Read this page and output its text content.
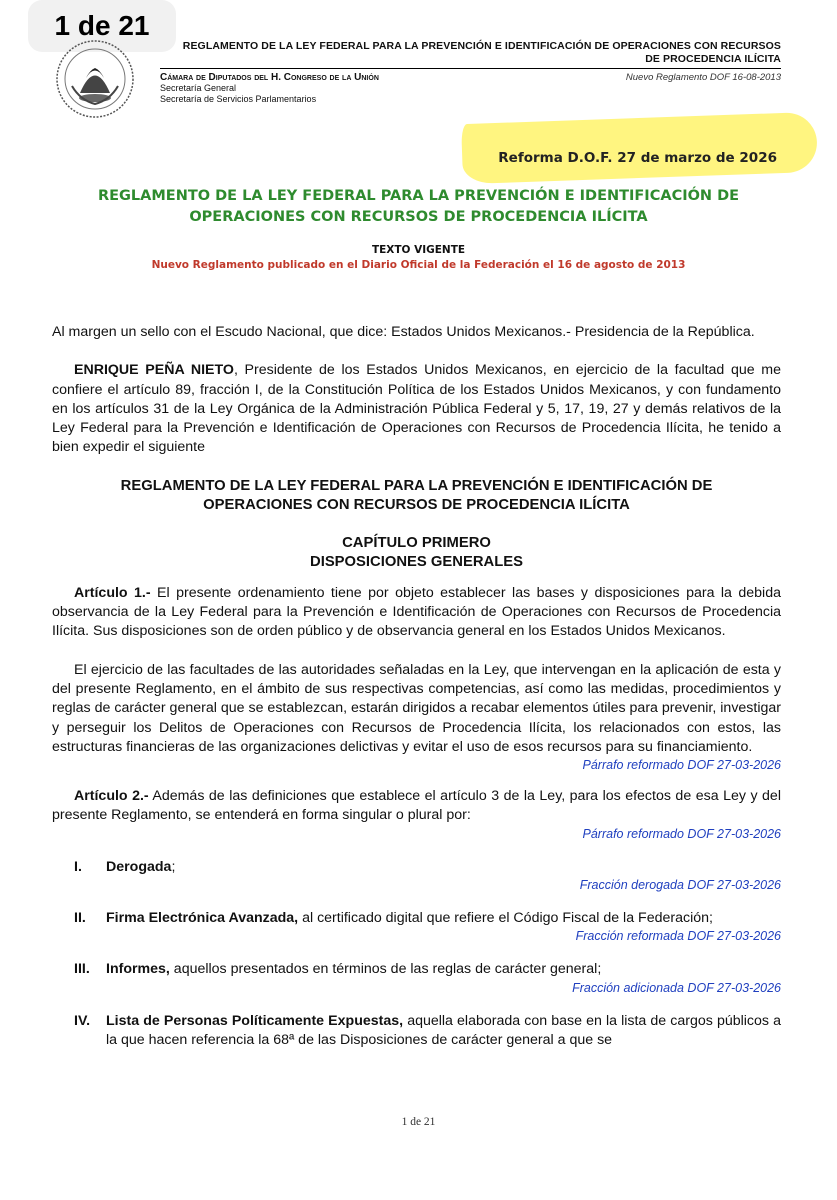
1 de 21
REGLAMENTO DE LA LEY FEDERAL PARA LA PREVENCIÓN E IDENTIFICACIÓN DE OPERACIONES CON RECURSOS
DE PROCEDENCIA ILÍCITA
Cámara de Diputados del H. Congreso de la Unión
Secretaría General
Secretaría de Servicios Parlamentarios
Nuevo Reglamento DOF 16-08-2013
Reforma D.O.F. 27 de marzo de 2026
REGLAMENTO DE LA LEY FEDERAL PARA LA PREVENCIÓN E IDENTIFICACIÓN DE
OPERACIONES CON RECURSOS DE PROCEDENCIA ILÍCITA
TEXTO VIGENTE
Nuevo Reglamento publicado en el Diario Oficial de la Federación el 16 de agosto de 2013

Al margen un sello con el Escudo Nacional, que dice: Estados Unidos Mexicanos.- Presidencia de la República.

ENRIQUE PEÑA NIETO, Presidente de los Estados Unidos Mexicanos, en ejercicio de la facultad que me confiere el artículo 89, fracción I, de la Constitución Política de los Estados Unidos Mexicanos, y con fundamento en los artículos 31 de la Ley Orgánica de la Administración Pública Federal y 5, 17, 19, 27 y demás relativos de la Ley Federal para la Prevención e Identificación de Operaciones con Recursos de Procedencia Ilícita, he tenido a bien expedir el siguiente

REGLAMENTO DE LA LEY FEDERAL PARA LA PREVENCIÓN E IDENTIFICACIÓN DE
OPERACIONES CON RECURSOS DE PROCEDENCIA ILÍCITA

CAPÍTULO PRIMERO
DISPOSICIONES GENERALES

Artículo 1.- El presente ordenamiento tiene por objeto establecer las bases y disposiciones para la debida observancia de la Ley Federal para la Prevención e Identificación de Operaciones con Recursos de Procedencia Ilícita. Sus disposiciones son de orden público y de observancia general en los Estados Unidos Mexicanos.

El ejercicio de las facultades de las autoridades señaladas en la Ley, que intervengan en la aplicación de esta y del presente Reglamento, en el ámbito de sus respectivas competencias, así como las medidas, procedimientos y reglas de carácter general que se establezcan, estarán dirigidos a recabar elementos útiles para prevenir, investigar y perseguir los Delitos de Operaciones con Recursos de Procedencia Ilícita, los relacionados con estos, las estructuras financieras de las organizaciones delictivas y evitar el uso de esos recursos para su financiamiento.

Párrafo reformado DOF 27-03-2026

Artículo 2.- Además de las definiciones que establece el artículo 3 de la Ley, para los efectos de esa Ley y del presente Reglamento, se entenderá en forma singular o plural por:

Párrafo reformado DOF 27-03-2026
I.	Derogada;
Fracción derogada DOF 27-03-2026
II.	Firma Electrónica Avanzada, al certificado digital que refiere el Código Fiscal de la Federación;
Fracción reformada DOF 27-03-2026
III.	Informes, aquellos presentados en términos de las reglas de carácter general;
Fracción adicionada DOF 27-03-2026
IV.	Lista de Personas Políticamente Expuestas, aquella elaborada con base en la lista de cargos públicos a la que hacen referencia la 68ª de las Disposiciones de carácter general a que se
1 de 21
